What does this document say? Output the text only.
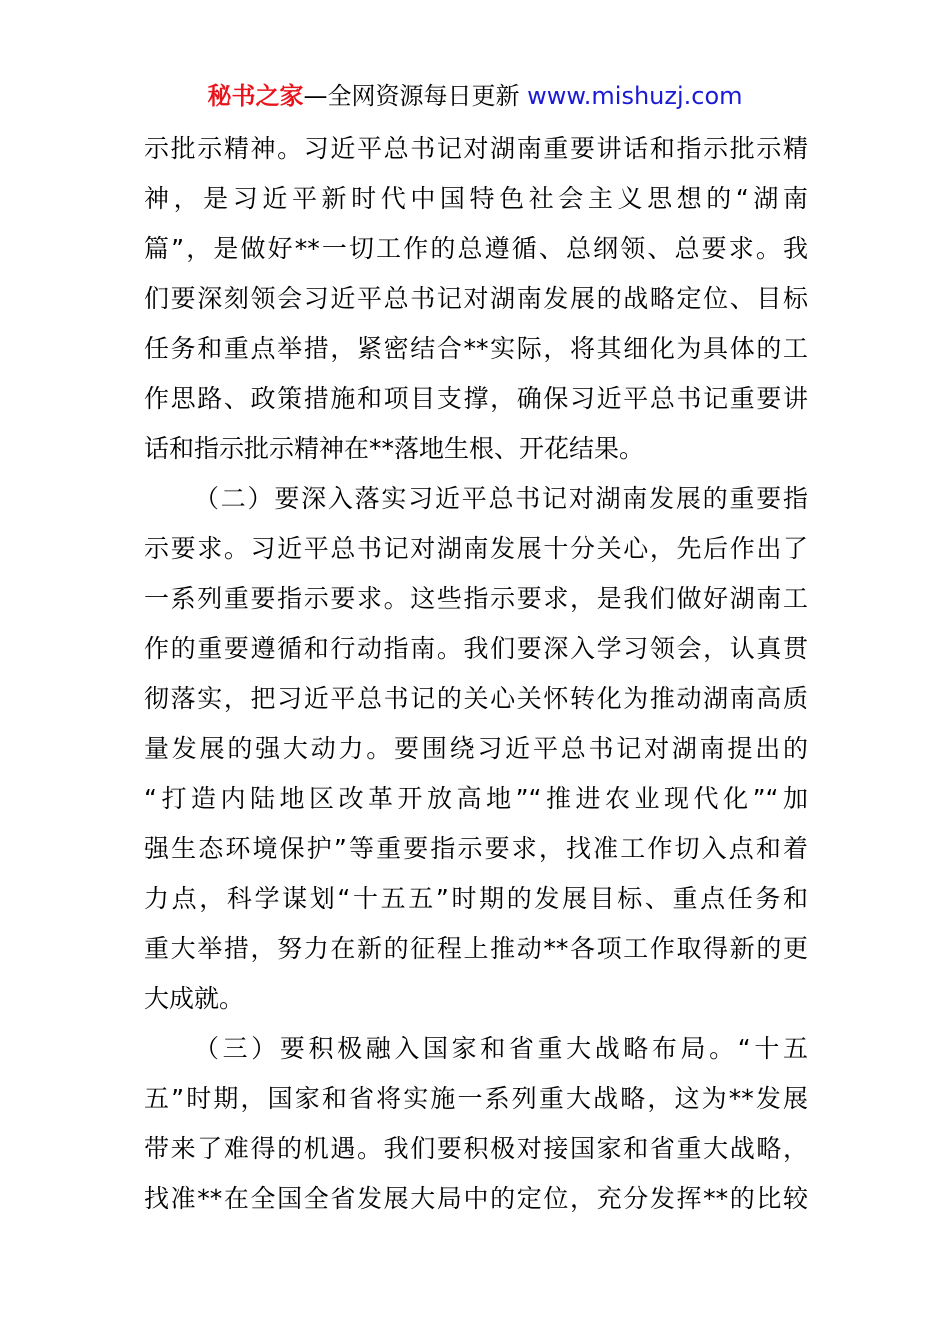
秘书之家—全网资源每日更新 www.mishuzj.com
示批示精神。习近平总书记对湖南重要讲话和指示批示精
神，是习近平新时代中国特色社会主义思想的“湖南
篇”，是做好**一切工作的总遵循、总纲领、总要求。我
们要深刻领会习近平总书记对湖南发展的战略定位、目标
任务和重点举措，紧密结合**实际，将其细化为具体的工
作思路、政策措施和项目支撑，确保习近平总书记重要讲
话和指示批示精神在**落地生根、开花结果。
（二）要深入落实习近平总书记对湖南发展的重要指
示要求。习近平总书记对湖南发展十分关心，先后作出了
一系列重要指示要求。这些指示要求，是我们做好湖南工
作的重要遵循和行动指南。我们要深入学习领会，认真贯
彻落实，把习近平总书记的关心关怀转化为推动湖南高质
量发展的强大动力。要围绕习近平总书记对湖南提出的
“打造内陆地区改革开放高地”“推进农业现代化”“加
强生态环境保护”等重要指示要求，找准工作切入点和着
力点，科学谋划“十五五”时期的发展目标、重点任务和
重大举措，努力在新的征程上推动**各项工作取得新的更
大成就。
（三）要积极融入国家和省重大战略布局。“十五
五”时期，国家和省将实施一系列重大战略，这为**发展
带来了难得的机遇。我们要积极对接国家和省重大战略，
找准**在全国全省发展大局中的定位，充分发挥**的比较
